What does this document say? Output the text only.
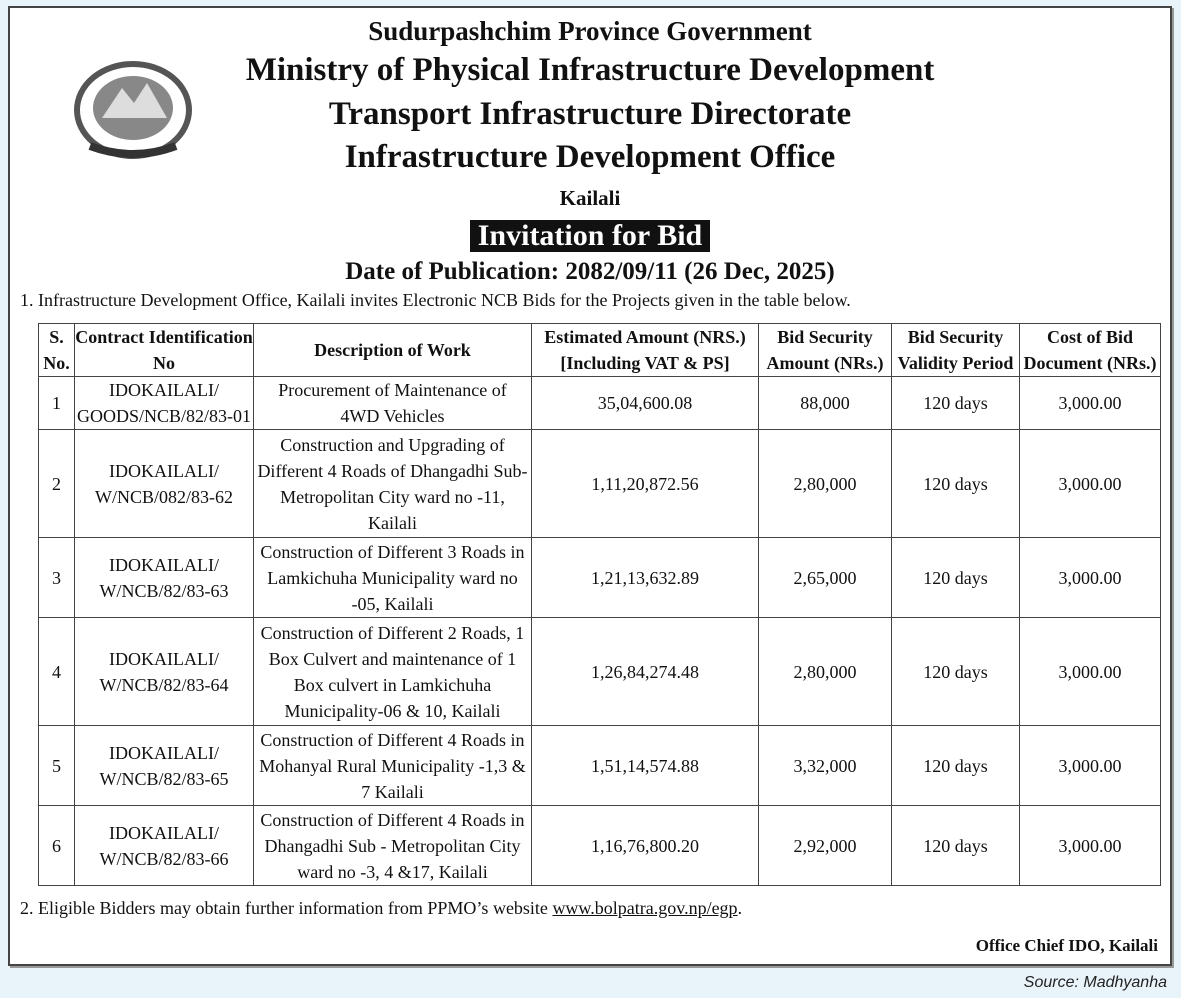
Sudurpashchim Province Government
Ministry of Physical Infrastructure Development
Transport Infrastructure Directorate
Infrastructure Development Office
Kailali
Invitation for Bid
Date of Publication: 2082/09/11 (26 Dec, 2025)
1. Infrastructure Development Office, Kailali invites Electronic NCB Bids for the Projects given in the table below.
S. No.	Contract Identification No	Description of Work	Estimated Amount (NRS.) [Including VAT & PS]	Bid Security Amount (NRs.)	Bid Security Validity Period	Cost of Bid Document (NRs.)
1	IDOKAILALI/ GOODS/NCB/82/83-01	Procurement of Maintenance of 4WD Vehicles	35,04,600.08	88,000	120 days	3,000.00
2	IDOKAILALI/ W/NCB/082/83-62	Construction and Upgrading of Different 4 Roads of Dhangadhi Sub-Metropolitan City ward no -11, Kailali	1,11,20,872.56	2,80,000	120 days	3,000.00
3	IDOKAILALI/ W/NCB/82/83-63	Construction of Different 3 Roads in Lamkichuha Municipality ward no -05, Kailali	1,21,13,632.89	2,65,000	120 days	3,000.00
4	IDOKAILALI/ W/NCB/82/83-64	Construction of Different 2 Roads, 1 Box Culvert and maintenance of 1 Box culvert in Lamkichuha Municipality-06 & 10, Kailali	1,26,84,274.48	2,80,000	120 days	3,000.00
5	IDOKAILALI/ W/NCB/82/83-65	Construction of Different 4 Roads in Mohanyal Rural Municipality -1,3 & 7 Kailali	1,51,14,574.88	3,32,000	120 days	3,000.00
6	IDOKAILALI/ W/NCB/82/83-66	Construction of Different 4 Roads in Dhangadhi Sub - Metropolitan City ward no -3, 4 &17, Kailali	1,16,76,800.20	2,92,000	120 days	3,000.00
2. Eligible Bidders may obtain further information from PPMO’s website www.bolpatra.gov.np/egp.
Office Chief IDO, Kailali
Source: Madhyanha
